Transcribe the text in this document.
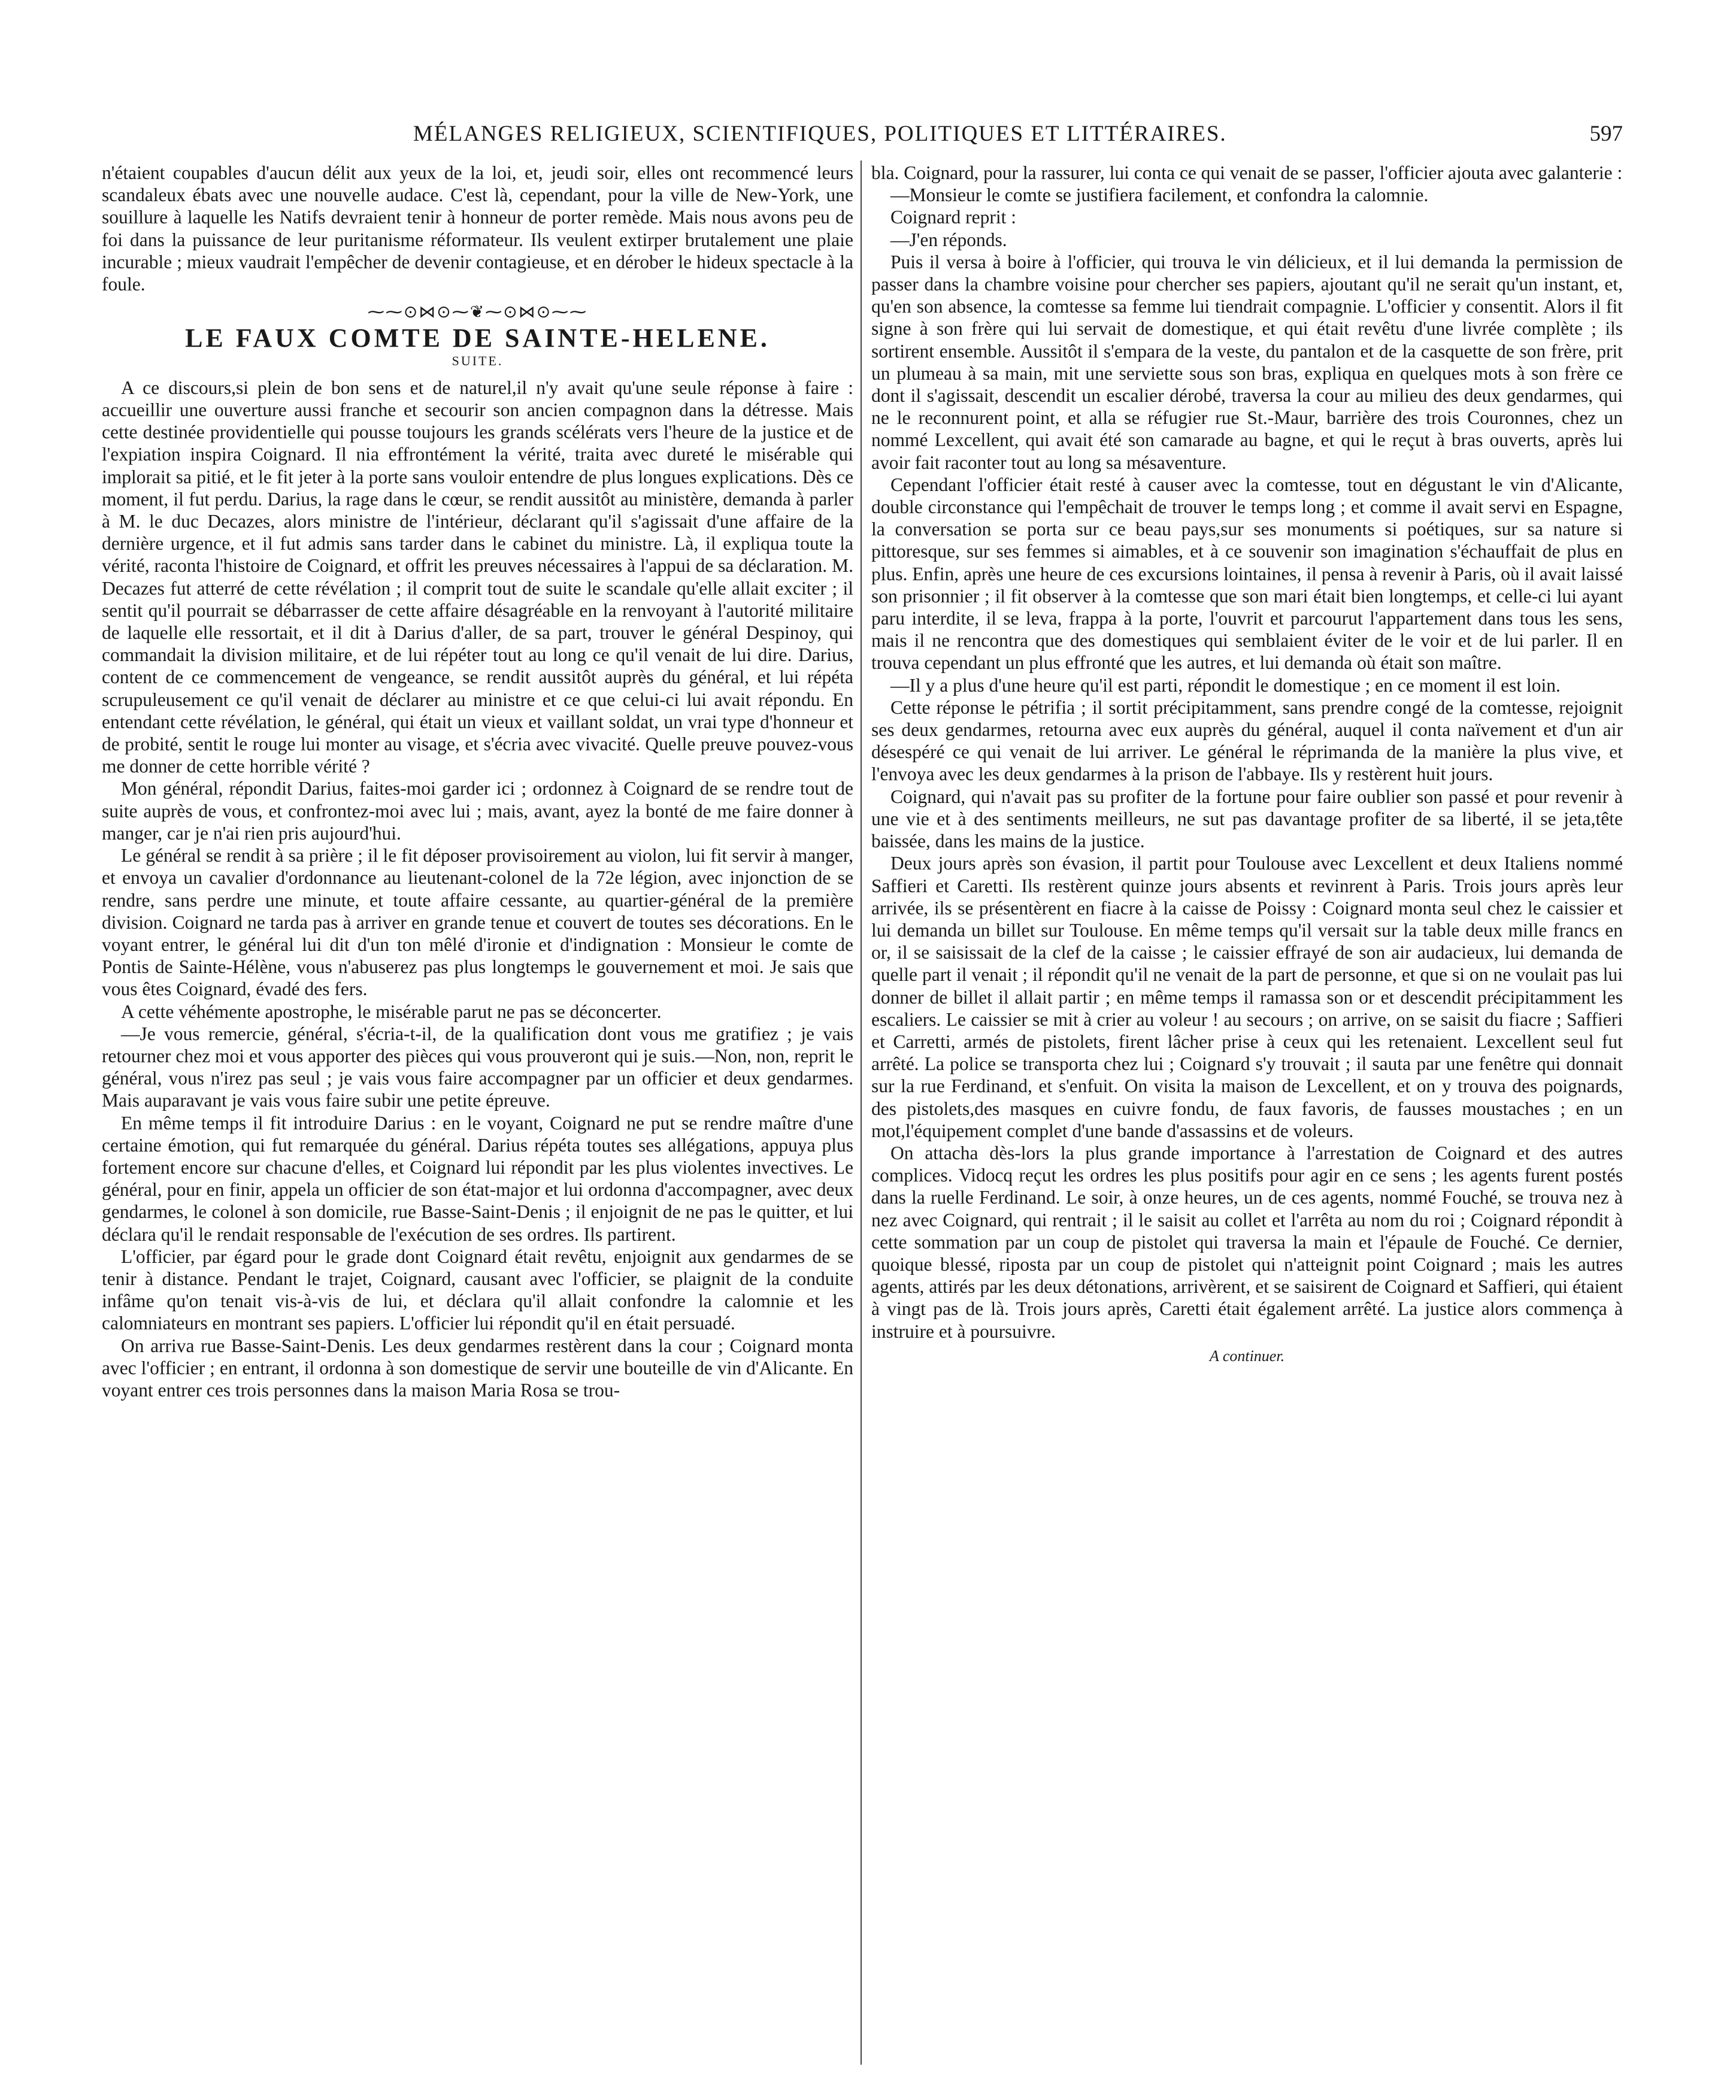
MÉLANGES RELIGIEUX, SCIENTIFIQUES, POLITIQUES ET LITTÉRAIRES.	597

n'étaient coupables d'aucun délit aux yeux de la loi, et, jeudi soir, elles ont recommencé leurs scandaleux ébats avec une nouvelle audace. C'est là, cependant, pour la ville de New-York, une souillure à laquelle les Natifs devraient tenir à honneur de porter remède. Mais nous avons peu de foi dans la puissance de leur puritanisme réformateur. Ils veulent extirper brutalement une plaie incurable ; mieux vaudrait l'empêcher de devenir contagieuse, et en dérober le hideux spectacle à la foule.

⁓⁓⊙⋈⊙⁓❦⁓⊙⋈⊙⁓⁓
LE FAUX COMTE DE SAINTE-HELENE.
SUITE.

A ce discours,si plein de bon sens et de naturel,il n'y avait qu'une seule réponse à faire : accueillir une ouverture aussi franche et secourir son ancien compagnon dans la détresse. Mais cette destinée providentielle qui pousse toujours les grands scélérats vers l'heure de la justice et de l'expiation inspira Coignard. Il nia effrontément la vérité, traita avec dureté le misérable qui implorait sa pitié, et le fit jeter à la porte sans vouloir entendre de plus longues explications. Dès ce moment, il fut perdu. Darius, la rage dans le cœur, se rendit aussitôt au ministère, demanda à parler à M. le duc Decazes, alors ministre de l'intérieur, déclarant qu'il s'agissait d'une affaire de la dernière urgence, et il fut admis sans tarder dans le cabinet du ministre. Là, il expliqua toute la vérité, raconta l'histoire de Coignard, et offrit les preuves nécessaires à l'appui de sa déclaration. M. Decazes fut atterré de cette révélation ; il comprit tout de suite le scandale qu'elle allait exciter ; il sentit qu'il pourrait se débarrasser de cette affaire désagréable en la renvoyant à l'autorité militaire de laquelle elle ressortait, et il dit à Darius d'aller, de sa part, trouver le général Despinoy, qui commandait la division militaire, et de lui répéter tout au long ce qu'il venait de lui dire. Darius, content de ce commencement de vengeance, se rendit aussitôt auprès du général, et lui répéta scrupuleusement ce qu'il venait de déclarer au ministre et ce que celui-ci lui avait répondu. En entendant cette révélation, le général, qui était un vieux et vaillant soldat, un vrai type d'honneur et de probité, sentit le rouge lui monter au visage, et s'écria avec vivacité. Quelle preuve pouvez-vous me donner de cette horrible vérité ?

Mon général, répondit Darius, faites-moi garder ici ; ordonnez à Coignard de se rendre tout de suite auprès de vous, et confrontez-moi avec lui ; mais, avant, ayez la bonté de me faire donner à manger, car je n'ai rien pris aujourd'hui.

Le général se rendit à sa prière ; il le fit déposer provisoirement au violon, lui fit servir à manger, et envoya un cavalier d'ordonnance au lieutenant-colonel de la 72e légion, avec injonction de se rendre, sans perdre une minute, et toute affaire cessante, au quartier-général de la première division. Coignard ne tarda pas à arriver en grande tenue et couvert de toutes ses décorations. En le voyant entrer, le général lui dit d'un ton mêlé d'ironie et d'indignation : Monsieur le comte de Pontis de Sainte-Hélène, vous n'abuserez pas plus longtemps le gouvernement et moi. Je sais que vous êtes Coignard, évadé des fers.

A cette véhémente apostrophe, le misérable parut ne pas se déconcerter.

—Je vous remercie, général, s'écria-t-il, de la qualification dont vous me gratifiez ; je vais retourner chez moi et vous apporter des pièces qui vous prouveront qui je suis.—Non, non, reprit le général, vous n'irez pas seul ; je vais vous faire accompagner par un officier et deux gendarmes. Mais auparavant je vais vous faire subir une petite épreuve.

En même temps il fit introduire Darius : en le voyant, Coignard ne put se rendre maître d'une certaine émotion, qui fut remarquée du général. Darius répéta toutes ses allégations, appuya plus fortement encore sur chacune d'elles, et Coignard lui répondit par les plus violentes invectives. Le général, pour en finir, appela un officier de son état-major et lui ordonna d'accompagner, avec deux gendarmes, le colonel à son domicile, rue Basse-Saint-Denis ; il enjoignit de ne pas le quitter, et lui déclara qu'il le rendait responsable de l'exécution de ses ordres. Ils partirent.

L'officier, par égard pour le grade dont Coignard était revêtu, enjoignit aux gendarmes de se tenir à distance. Pendant le trajet, Coignard, causant avec l'officier, se plaignit de la conduite infâme qu'on tenait vis-à-vis de lui, et déclara qu'il allait confondre la calomnie et les calomniateurs en montrant ses papiers. L'officier lui répondit qu'il en était persuadé.

On arriva rue Basse-Saint-Denis. Les deux gendarmes restèrent dans la cour ; Coignard monta avec l'officier ; en entrant, il ordonna à son domestique de servir une bouteille de vin d'Alicante. En voyant entrer ces trois personnes dans la maison Maria Rosa se trou-

bla. Coignard, pour la rassurer, lui conta ce qui venait de se passer, l'officier ajouta avec galanterie :

—Monsieur le comte se justifiera facilement, et confondra la calomnie.

Coignard reprit :

—J'en réponds.

Puis il versa à boire à l'officier, qui trouva le vin délicieux, et il lui demanda la permission de passer dans la chambre voisine pour chercher ses papiers, ajoutant qu'il ne serait qu'un instant, et, qu'en son absence, la comtesse sa femme lui tiendrait compagnie. L'officier y consentit. Alors il fit signe à son frère qui lui servait de domestique, et qui était revêtu d'une livrée complète ; ils sortirent ensemble. Aussitôt il s'empara de la veste, du pantalon et de la casquette de son frère, prit un plumeau à sa main, mit une serviette sous son bras, expliqua en quelques mots à son frère ce dont il s'agissait, descendit un escalier dérobé, traversa la cour au milieu des deux gendarmes, qui ne le reconnurent point, et alla se réfugier rue St.-Maur, barrière des trois Couronnes, chez un nommé Lexcellent, qui avait été son camarade au bagne, et qui le reçut à bras ouverts, après lui avoir fait raconter tout au long sa mésaventure.

Cependant l'officier était resté à causer avec la comtesse, tout en dégustant le vin d'Alicante, double circonstance qui l'empêchait de trouver le temps long ; et comme il avait servi en Espagne, la conversation se porta sur ce beau pays,sur ses monuments si poétiques, sur sa nature si pittoresque, sur ses femmes si aimables, et à ce souvenir son imagination s'échauffait de plus en plus. Enfin, après une heure de ces excursions lointaines, il pensa à revenir à Paris, où il avait laissé son prisonnier ; il fit observer à la comtesse que son mari était bien longtemps, et celle-ci lui ayant paru interdite, il se leva, frappa à la porte, l'ouvrit et parcourut l'appartement dans tous les sens, mais il ne rencontra que des domestiques qui semblaient éviter de le voir et de lui parler. Il en trouva cependant un plus effronté que les autres, et lui demanda où était son maître.

—Il y a plus d'une heure qu'il est parti, répondit le domestique ; en ce moment il est loin.

Cette réponse le pétrifia ; il sortit précipitamment, sans prendre congé de la comtesse, rejoignit ses deux gendarmes, retourna avec eux auprès du général, auquel il conta naïvement et d'un air désespéré ce qui venait de lui arriver. Le général le réprimanda de la manière la plus vive, et l'envoya avec les deux gendarmes à la prison de l'abbaye. Ils y restèrent huit jours.

Coignard, qui n'avait pas su profiter de la fortune pour faire oublier son passé et pour revenir à une vie et à des sentiments meilleurs, ne sut pas davantage profiter de sa liberté, il se jeta,tête baissée, dans les mains de la justice.

Deux jours après son évasion, il partit pour Toulouse avec Lexcellent et deux Italiens nommé Saffieri et Caretti. Ils restèrent quinze jours absents et revinrent à Paris. Trois jours après leur arrivée, ils se présentèrent en fiacre à la caisse de Poissy : Coignard monta seul chez le caissier et lui demanda un billet sur Toulouse. En même temps qu'il versait sur la table deux mille francs en or, il se saisissait de la clef de la caisse ; le caissier effrayé de son air audacieux, lui demanda de quelle part il venait ; il répondit qu'il ne venait de la part de personne, et que si on ne voulait pas lui donner de billet il allait partir ; en même temps il ramassa son or et descendit précipitamment les escaliers. Le caissier se mit à crier au voleur ! au secours ; on arrive, on se saisit du fiacre ; Saffieri et Carretti, armés de pistolets, firent lâcher prise à ceux qui les retenaient. Lexcellent seul fut arrêté. La police se transporta chez lui ; Coignard s'y trouvait ; il sauta par une fenêtre qui donnait sur la rue Ferdinand, et s'enfuit. On visita la maison de Lexcellent, et on y trouva des poignards, des pistolets,des masques en cuivre fondu, de faux favoris, de fausses moustaches ; en un mot,l'équipement complet d'une bande d'assassins et de voleurs.

On attacha dès-lors la plus grande importance à l'arrestation de Coignard et des autres complices. Vidocq reçut les ordres les plus positifs pour agir en ce sens ; les agents furent postés dans la ruelle Ferdinand. Le soir, à onze heures, un de ces agents, nommé Fouché, se trouva nez à nez avec Coignard, qui rentrait ; il le saisit au collet et l'arrêta au nom du roi ; Coignard répondit à cette sommation par un coup de pistolet qui traversa la main et l'épaule de Fouché. Ce dernier, quoique blessé, riposta par un coup de pistolet qui n'atteignit point Coignard ; mais les autres agents, attirés par les deux détonations, arrivèrent, et se saisirent de Coignard et Saffieri, qui étaient à vingt pas de là. Trois jours après, Caretti était également arrêté. La justice alors commença à instruire et à poursuivre.

A continuer.
